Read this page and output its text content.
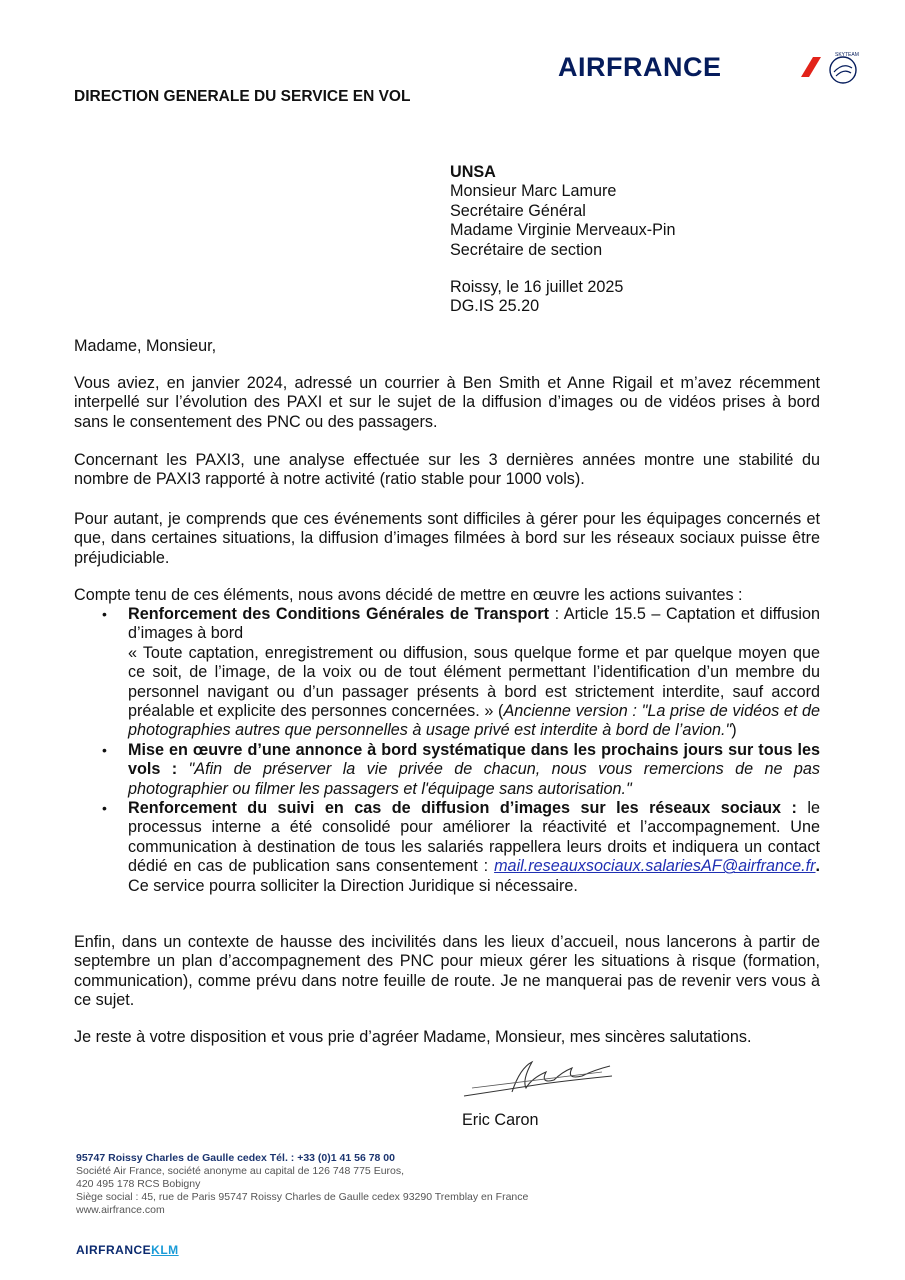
AIRFRANCE	SKYTEAM
DIRECTION GENERALE DU SERVICE EN VOL
UNSA
Monsieur Marc Lamure
Secrétaire Général
Madame Virginie Merveaux-Pin
Secrétaire de section
Roissy, le 16 juillet 2025
DG.IS 25.20
Madame, Monsieur,
Vous aviez, en janvier 2024, adressé un courrier à Ben Smith et Anne Rigail et m’avez récemment interpellé sur l’évolution des PAXI et sur le sujet de la diffusion d’images ou de vidéos prises à bord sans le consentement des PNC ou des passagers.
Concernant les PAXI3, une analyse effectuée sur les 3 dernières années montre une stabilité du nombre de PAXI3 rapporté à notre activité (ratio stable pour 1000 vols).
Pour autant, je comprends que ces événements sont difficiles à gérer pour les équipages concernés et que, dans certaines situations, la diffusion d’images filmées à bord sur les réseaux sociaux puisse être préjudiciable.
Compte tenu de ces éléments, nous avons décidé de mettre en œuvre les actions suivantes :
• Renforcement des Conditions Générales de Transport : Article 15.5 – Captation et diffusion d’images à bord
« Toute captation, enregistrement ou diffusion, sous quelque forme et par quelque moyen que ce soit, de l’image, de la voix ou de tout élément permettant l’identification d’un membre du personnel navigant ou d’un passager présents à bord est strictement interdite, sauf accord préalable et explicite des personnes concernées. » (Ancienne version : "La prise de vidéos et de photographies autres que personnelles à usage privé est interdite à bord de l’avion.")
• Mise en œuvre d’une annonce à bord systématique dans les prochains jours sur tous les vols : "Afin de préserver la vie privée de chacun, nous vous remercions de ne pas photographier ou filmer les passagers et l'équipage sans autorisation."
• Renforcement du suivi en cas de diffusion d’images sur les réseaux sociaux : le processus interne a été consolidé pour améliorer la réactivité et l’accompagnement. Une communication à destination de tous les salariés rappellera leurs droits et indiquera un contact dédié en cas de publication sans consentement : mail.reseauxsociaux.salariesAF@airfrance.fr. Ce service pourra solliciter la Direction Juridique si nécessaire.
Enfin, dans un contexte de hausse des incivilités dans les lieux d’accueil, nous lancerons à partir de septembre un plan d’accompagnement des PNC pour mieux gérer les situations à risque (formation, communication), comme prévu dans notre feuille de route. Je ne manquerai pas de revenir vers vous à ce sujet.
Je reste à votre disposition et vous prie d’agréer Madame, Monsieur, mes sincères salutations.
Eric Caron
95747 Roissy Charles de Gaulle cedex Tél. : +33 (0)1 41 56 78 00
Société Air France, société anonyme au capital de 126 748 775 Euros,
420 495 178 RCS Bobigny
Siège social : 45, rue de Paris 95747 Roissy Charles de Gaulle cedex 93290 Tremblay en France
www.airfrance.com
AIRFRANCEKLM
